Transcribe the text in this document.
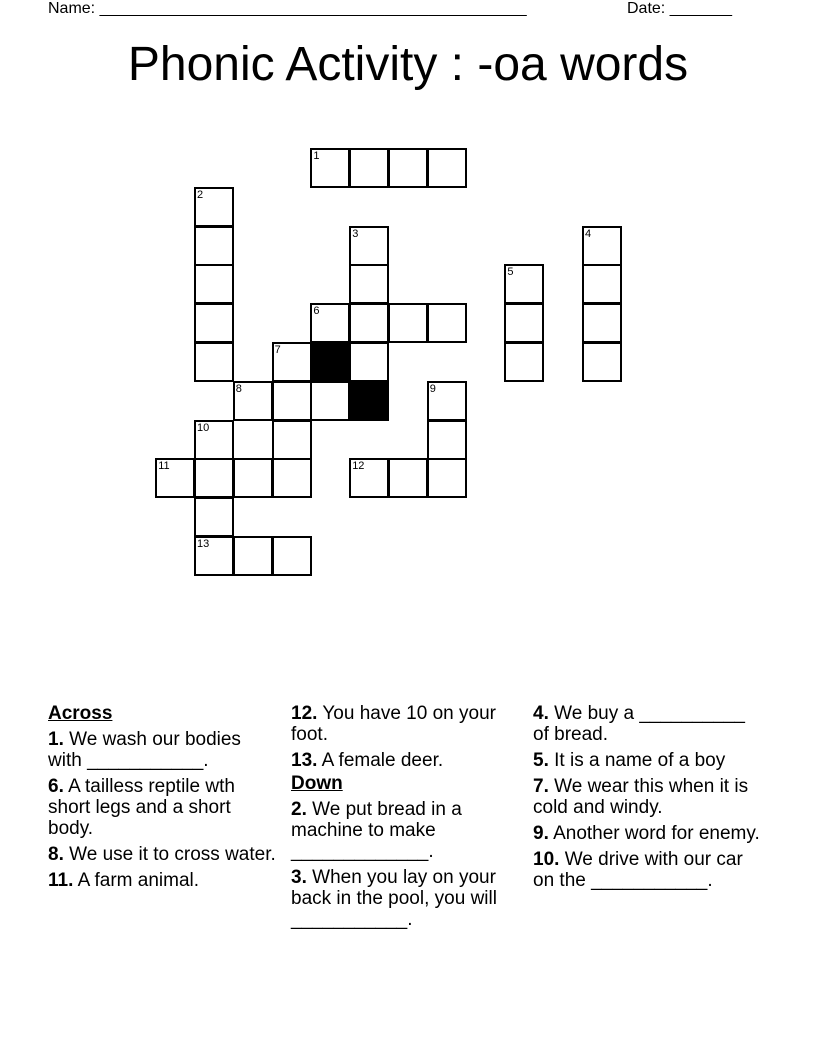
Name: ________________________________________________	Date: _______
Phonic Activity : -oa words
1
2
3	4
5
6
7
8	9
10
11	12
13
Across
1. We wash our bodies with ___________.
6. A tailless reptile wth short legs and a short body.
8. We use it to cross water.
11. A farm animal.
12. You have 10 on your foot.
13. A female deer.
Down
2. We put bread in a machine to make _____________.
3. When you lay on your back in the pool, you will ___________.
4. We buy a __________ of bread.
5. It is a name of a boy
7. We wear this when it is cold and windy.
9. Another word for enemy.
10. We drive with our car on the ___________.
